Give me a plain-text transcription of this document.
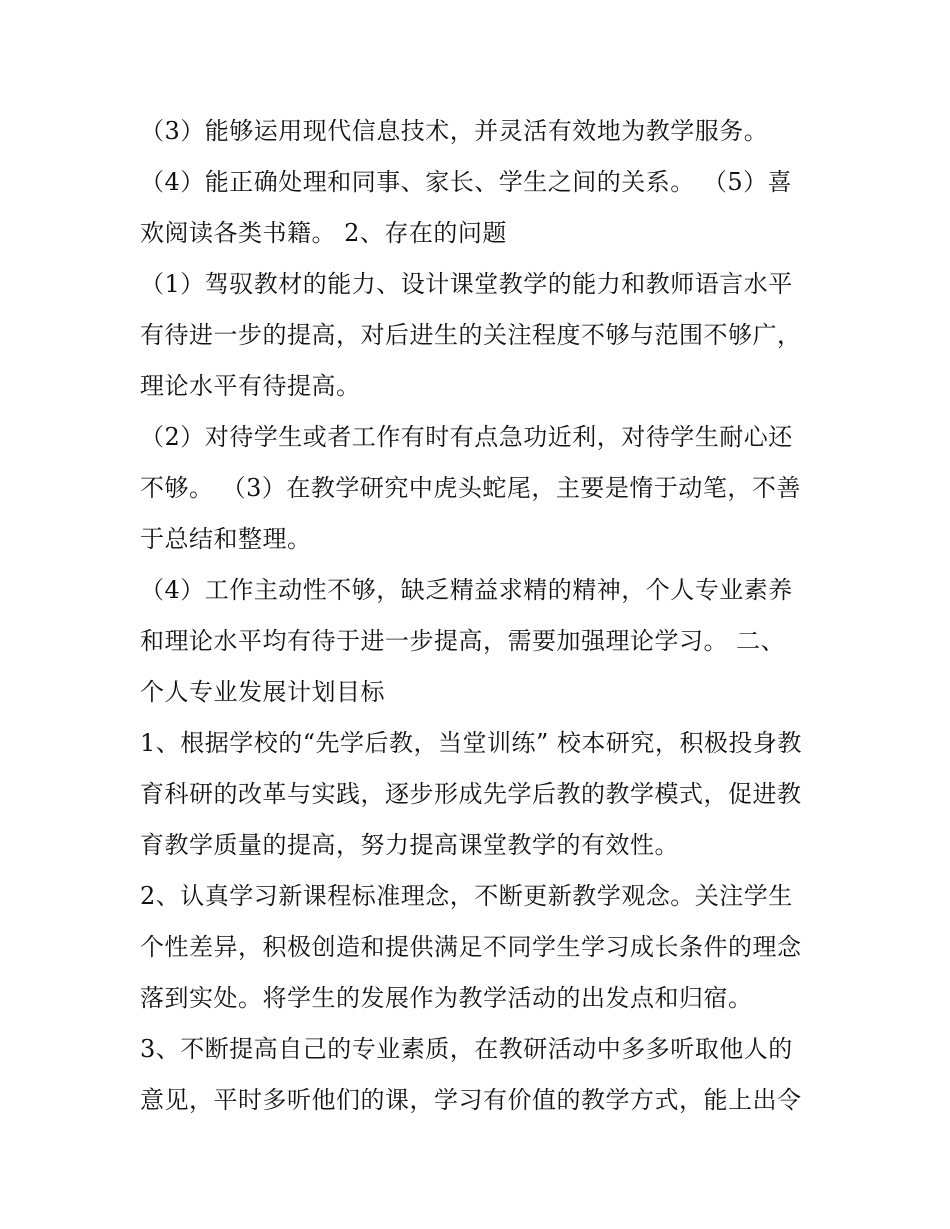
（3）能够运用现代信息技术，并灵活有效地为教学服务。

（4）能正确处理和同事、家长、学生之间的关系。 （5）喜

欢阅读各类书籍。 2、存在的问题

（1）驾驭教材的能力、设计课堂教学的能力和教师语言水平

有待进一步的提高，对后进生的关注程度不够与范围不够广，

理论水平有待提高。

（2）对待学生或者工作有时有点急功近利，对待学生耐心还

不够。 （3）在教学研究中虎头蛇尾，主要是惰于动笔，不善

于总结和整理。

（4）工作主动性不够，缺乏精益求精的精神，个人专业素养

和理论水平均有待于进一步提高，需要加强理论学习。 二、

个人专业发展计划目标

1、根据学校的“先学后教，当堂训练” 校本研究，积极投身教

育科研的改革与实践，逐步形成先学后教的教学模式，促进教

育教学质量的提高，努力提高课堂教学的有效性。

2、认真学习新课程标准理念，不断更新教学观念。关注学生

个性差异，积极创造和提供满足不同学生学习成长条件的理念

落到实处。将学生的发展作为教学活动的出发点和归宿。

3、不断提高自己的专业素质，在教研活动中多多听取他人的

意见，平时多听他们的课，学习有价值的教学方式，能上出令
